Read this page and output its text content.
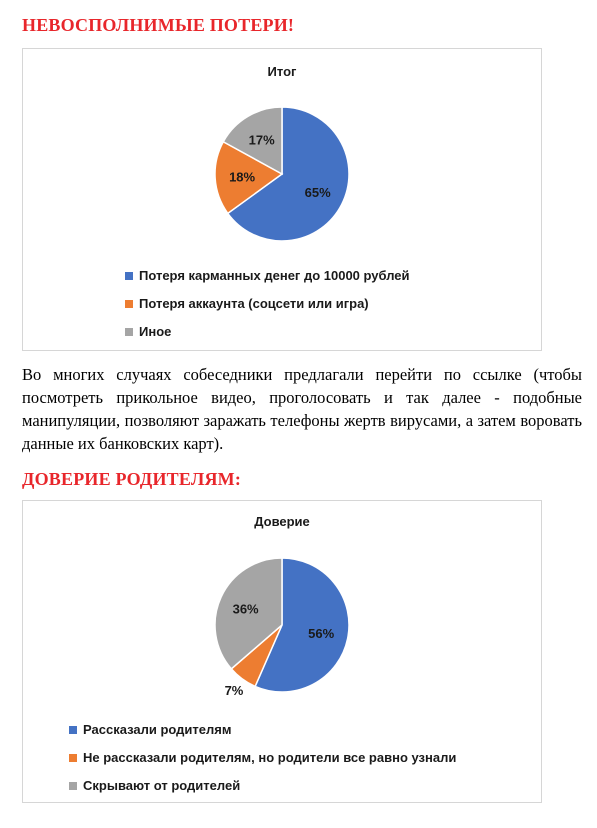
НЕВОСПОЛНИМЫЕ ПОТЕРИ!
Итог
65%
18%
17%
Потеря карманных денег до 10000 рублей
Потеря аккаунта (соцсети или игра)
Иное

Во многих случаях собеседники предлагали перейти по ссылке (чтобы посмотреть прикольное видео, проголосовать и так далее - подобные манипуляции, позволяют заражать телефоны жертв вирусами, а затем воровать данные их банковских карт).

ДОВЕРИЕ РОДИТЕЛЯМ:
Доверие
56%
7%
36%
Рассказали родителям
Не рассказали родителям, но родители все равно узнали
Скрывают от родителей
